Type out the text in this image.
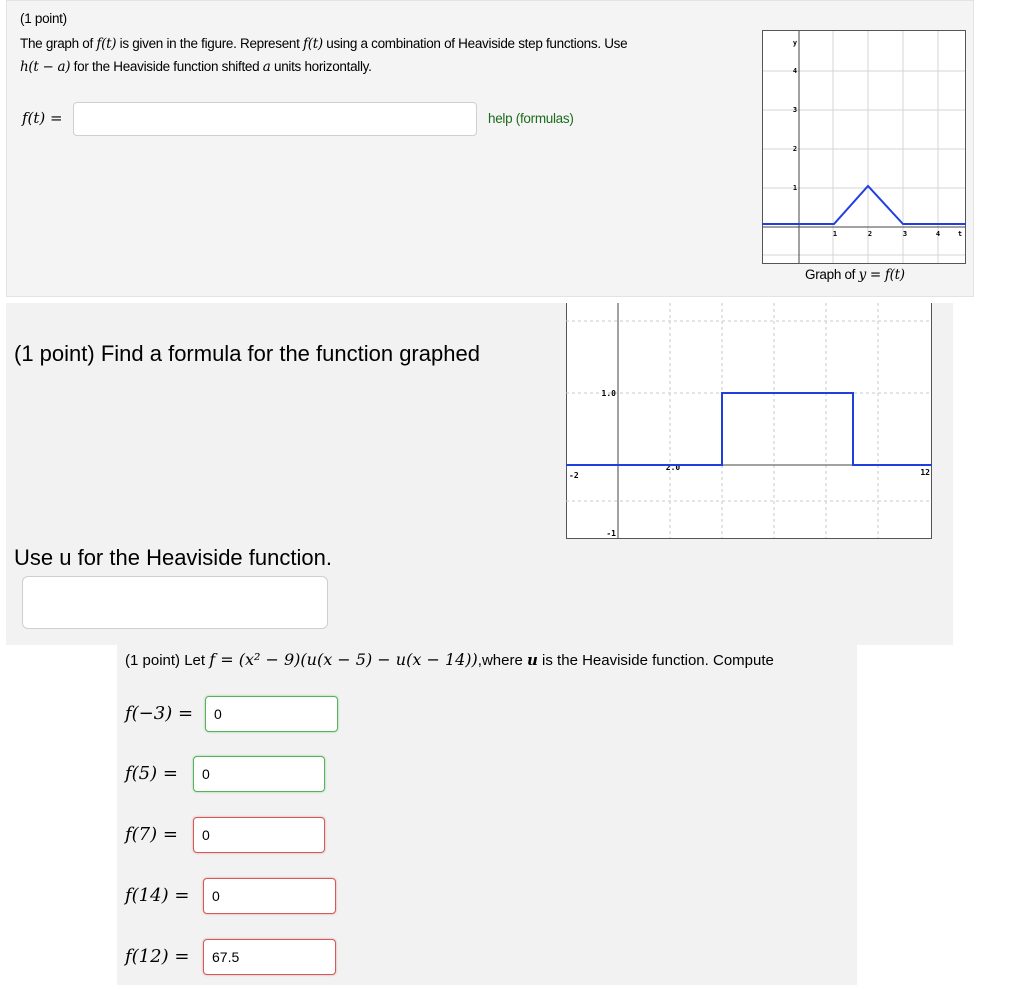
(1 point)
The graph of f(t) is given in the figure. Represent f(t) using a combination of Heaviside step functions. Use
h(t − a) for the Heaviside function shifted a units horizontally.
f(t) =	help (formulas)
y
4
3
2
1
1	2	3	4	t
Graph of y = f(t)
(1 point) Find a formula for the function graphed
-2	12
2.0
1.0
-1
Use u for the Heaviside function.
(1 point) Let f = (x² − 9)(u(x − 5) − u(x − 14)),where u is the Heaviside function. Compute
f(−3) =
0
f(5) =
0
f(7) =
0
f(14) =
0
f(12) =
67.5
